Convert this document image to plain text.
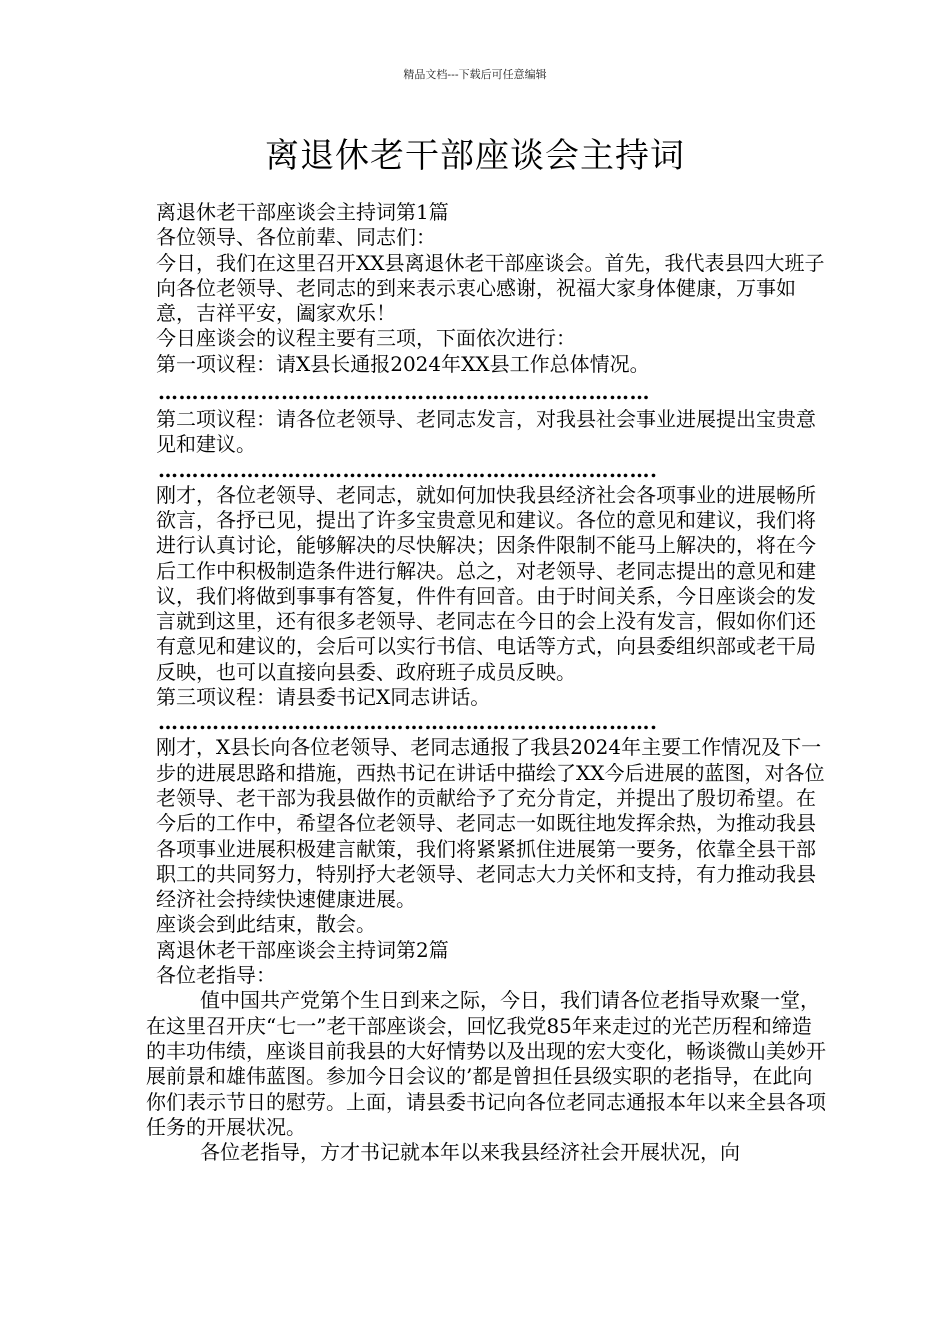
精品文档---下载后可任意编辑
离退休老干部座谈会主持词

离退休老干部座谈会主持词第1篇

各位领导、各位前辈、同志们：

今日，我们在这里召开XX县离退休老干部座谈会。首先，我代表县四大班子向各位老领导、老同志的到来表示衷心感谢，祝福大家身体健康，万事如意，吉祥平安，阖家欢乐！

今日座谈会的议程主要有三项，下面依次进行：

第一项议程：请X县长通报2024年XX县工作总体情况。

………………………………………………………………

第二项议程：请各位老领导、老同志发言，对我县社会事业进展提出宝贵意见和建议。

……………………………………………………………….

刚才，各位老领导、老同志，就如何加快我县经济社会各项事业的进展畅所欲言，各抒已见，提出了许多宝贵意见和建议。各位的意见和建议，我们将进行认真讨论，能够解决的尽快解决；因条件限制不能马上解决的，将在今后工作中积极制造条件进行解决。总之，对老领导、老同志提出的意见和建议，我们将做到事事有答复，件件有回音。由于时间关系，今日座谈会的发言就到这里，还有很多老领导、老同志在今日的会上没有发言，假如你们还有意见和建议的，会后可以实行书信、电话等方式，向县委组织部或老干局反映，也可以直接向县委、政府班子成员反映。

第三项议程：请县委书记X同志讲话。

……………………………………………………………….

刚才，X县长向各位老领导、老同志通报了我县2024年主要工作情况及下一步的进展思路和措施，西热书记在讲话中描绘了XX今后进展的蓝图，对各位老领导、老干部为我县做作的贡献给予了充分肯定，并提出了殷切希望。在今后的工作中，希望各位老领导、老同志一如既往地发挥余热，为推动我县各项事业进展积极建言献策，我们将紧紧抓住进展第一要务，依靠全县干部职工的共同努力，特别抒大老领导、老同志大力关怀和支持，有力推动我县经济社会持续快速健康进展。

座谈会到此结束，散会。

离退休老干部座谈会主持词第2篇

各位老指导：

值中国共产党第个生日到来之际，今日，我们请各位老指导欢聚一堂，在这里召开庆“七一”老干部座谈会，回忆我党85年来走过的光芒历程和缔造的丰功伟绩，座谈目前我县的大好情势以及出现的宏大变化，畅谈微山美妙开展前景和雄伟蓝图。参加今日会议的’都是曾担任县级实职的老指导，在此向你们表示节日的慰劳。上面，请县委书记向各位老同志通报本年以来全县各项任务的开展状况。

各位老指导，方才书记就本年以来我县经济社会开展状况，向
